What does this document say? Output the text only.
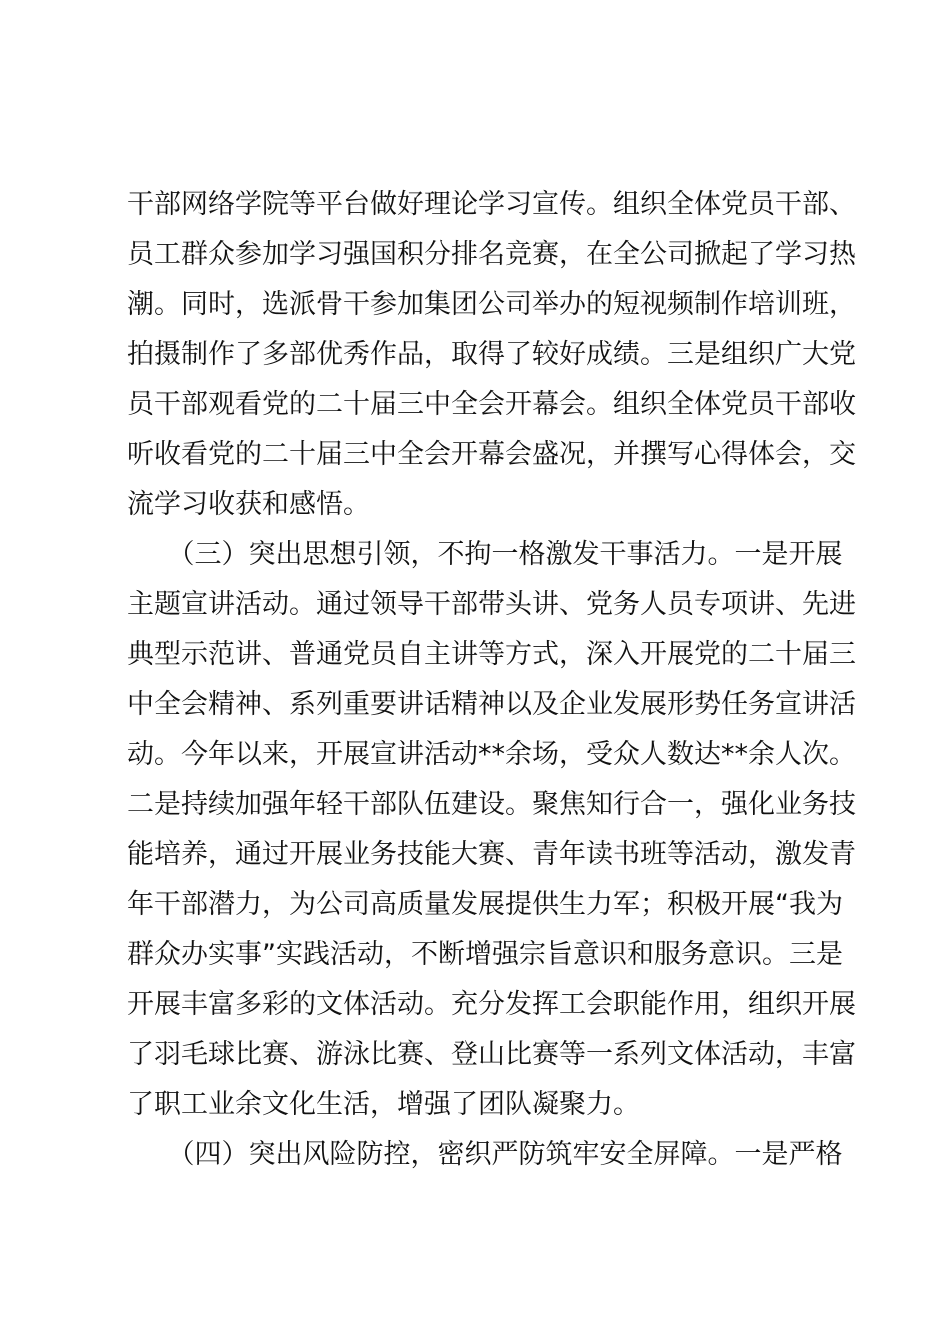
干部网络学院等平台做好理论学习宣传。组织全体党员干部、
员工群众参加学习强国积分排名竞赛，在全公司掀起了学习热
潮。同时，选派骨干参加集团公司举办的短视频制作培训班，
拍摄制作了多部优秀作品，取得了较好成绩。三是组织广大党
员干部观看党的二十届三中全会开幕会。组织全体党员干部收
听收看党的二十届三中全会开幕会盛况，并撰写心得体会，交
流学习收获和感悟。
　　（三）突出思想引领，不拘一格激发干事活力。一是开展
主题宣讲活动。通过领导干部带头讲、党务人员专项讲、先进
典型示范讲、普通党员自主讲等方式，深入开展党的二十届三
中全会精神、系列重要讲话精神以及企业发展形势任务宣讲活
动。今年以来，开展宣讲活动**余场，受众人数达**余人次。
二是持续加强年轻干部队伍建设。聚焦知行合一，强化业务技
能培养，通过开展业务技能大赛、青年读书班等活动，激发青
年干部潜力，为公司高质量发展提供生力军；积极开展“我为
群众办实事”实践活动，不断增强宗旨意识和服务意识。三是
开展丰富多彩的文体活动。充分发挥工会职能作用，组织开展
了羽毛球比赛、游泳比赛、登山比赛等一系列文体活动，丰富
了职工业余文化生活，增强了团队凝聚力。
　　（四）突出风险防控，密织严防筑牢安全屏障。一是严格
